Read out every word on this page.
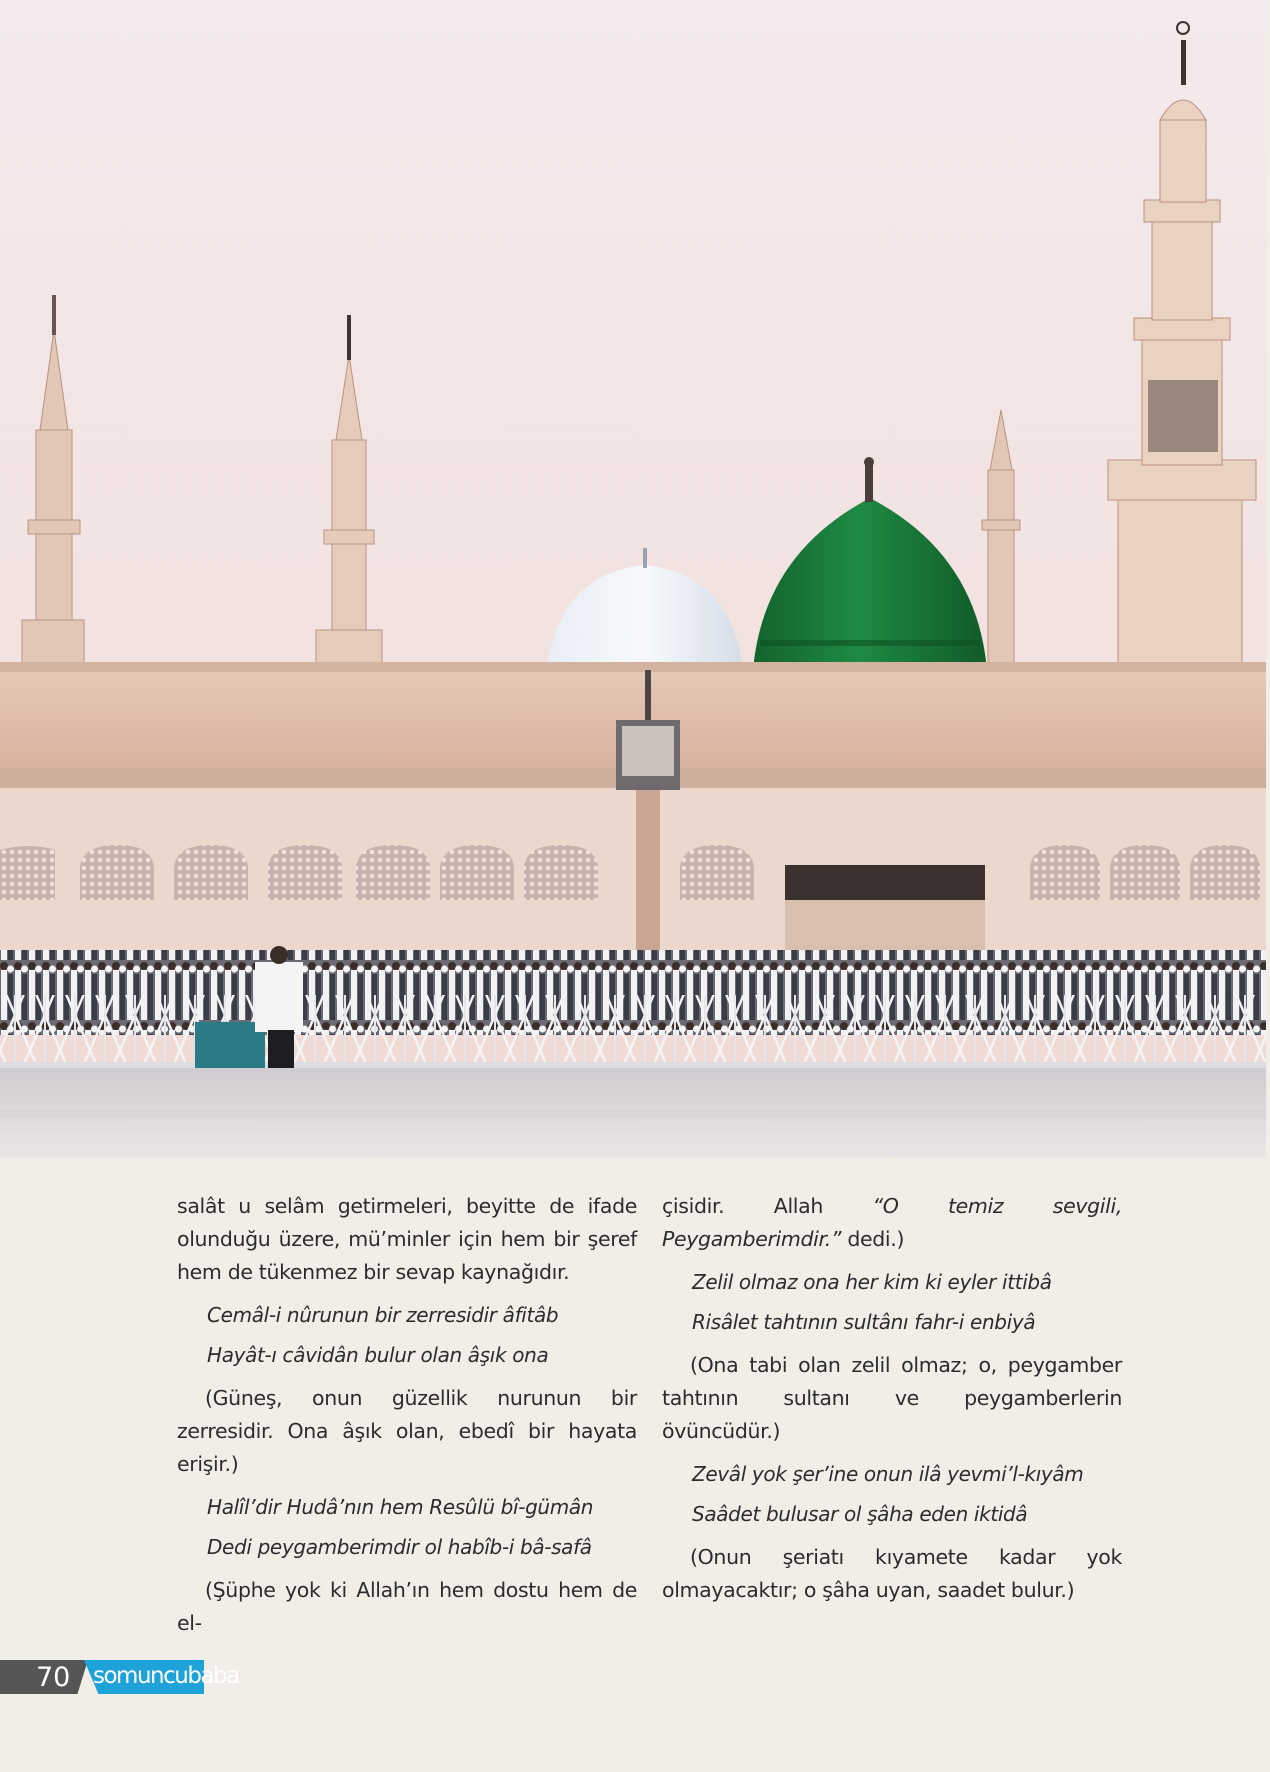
salât u selâm getirmeleri, beyitte de ifade olunduğu üzere, mü’minler için hem bir şeref hem de tükenmez bir sevap kaynağıdır.

Cemâl-i nûrunun bir zerresidir âfitâb

Hayât-ı câvidân bulur olan âşık ona

(Güneş, onun güzellik nurunun bir zerresidir. Ona âşık olan, ebedî bir hayata erişir.)

Halîl’dir Hudâ’nın hem Resûlü bî-gümân

Dedi peygamberimdir ol habîb-i bâ-safâ

(Şüphe yok ki Allah’ın hem dostu hem de el-

çisidir. Allah “O temiz sevgili, Peygamberimdir.” dedi.)

Zelil olmaz ona her kim ki eyler ittibâ

Risâlet tahtının sultânı fahr-i enbiyâ

(Ona tabi olan zelil olmaz; o, peygamber tahtının sultanı ve peygamberlerin övüncüdür.)

Zevâl yok şer’ine onun ilâ yevmi’l-kıyâm

Saâdet bulusar ol şâha eden iktidâ

(Onun şeriatı kıyamete kadar yok olmayacaktır; o şâha uyan, saadet bulur.)

70 somuncubaba
